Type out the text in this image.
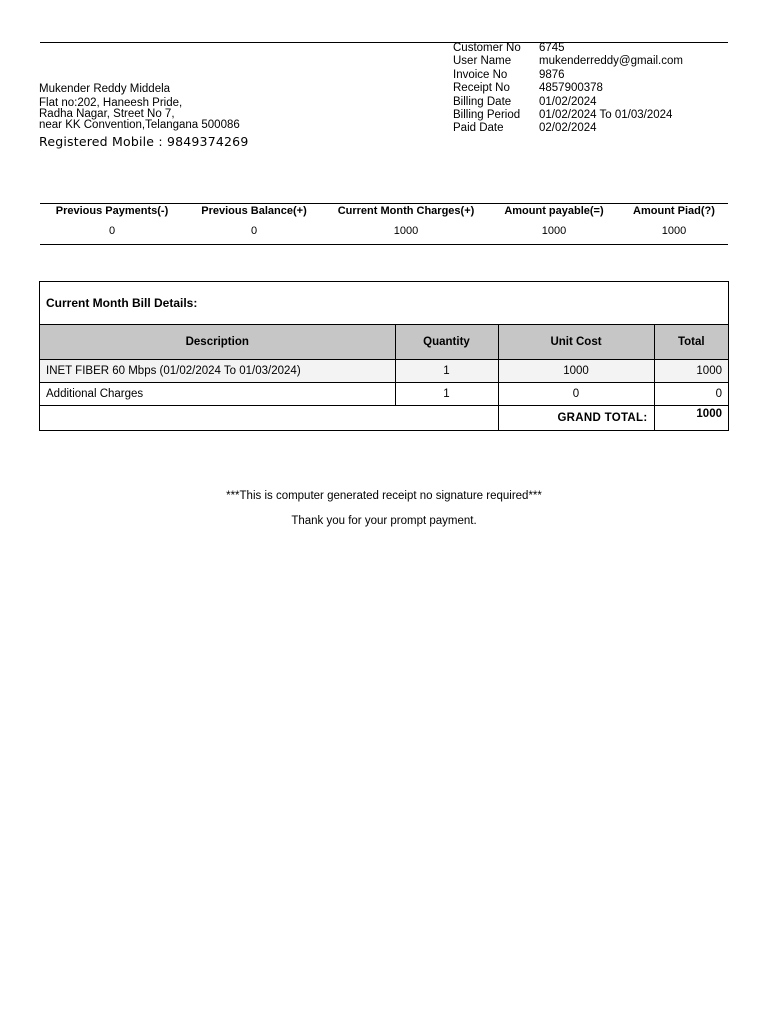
Mukender Reddy Middela
Flat no:202, Haneesh Pride,
Radha Nagar, Street No 7,
near KK Convention,Telangana 500086
Registered Mobile : 9849374269
Customer No	6745
User Name	mukenderreddy@gmail.com
Invoice No	9876
Receipt No	4857900378
Billing Date	01/02/2024
Billing Period	01/02/2024 To 01/03/2024
Paid Date	02/02/2024
Previous Payments(-)	Previous Balance(+)	Current Month Charges(+)	Amount payable(=)	Amount Piad(?)
0	0	1000	1000	1000
Current Month Bill Details:
Description	Quantity	Unit Cost	Total
INET FIBER 60 Mbps (01/02/2024 To 01/03/2024)	1	1000	1000
Additional Charges	1	0	0
		GRAND TOTAL:	1000
***This is computer generated receipt no signature required***
Thank you for your prompt payment.
